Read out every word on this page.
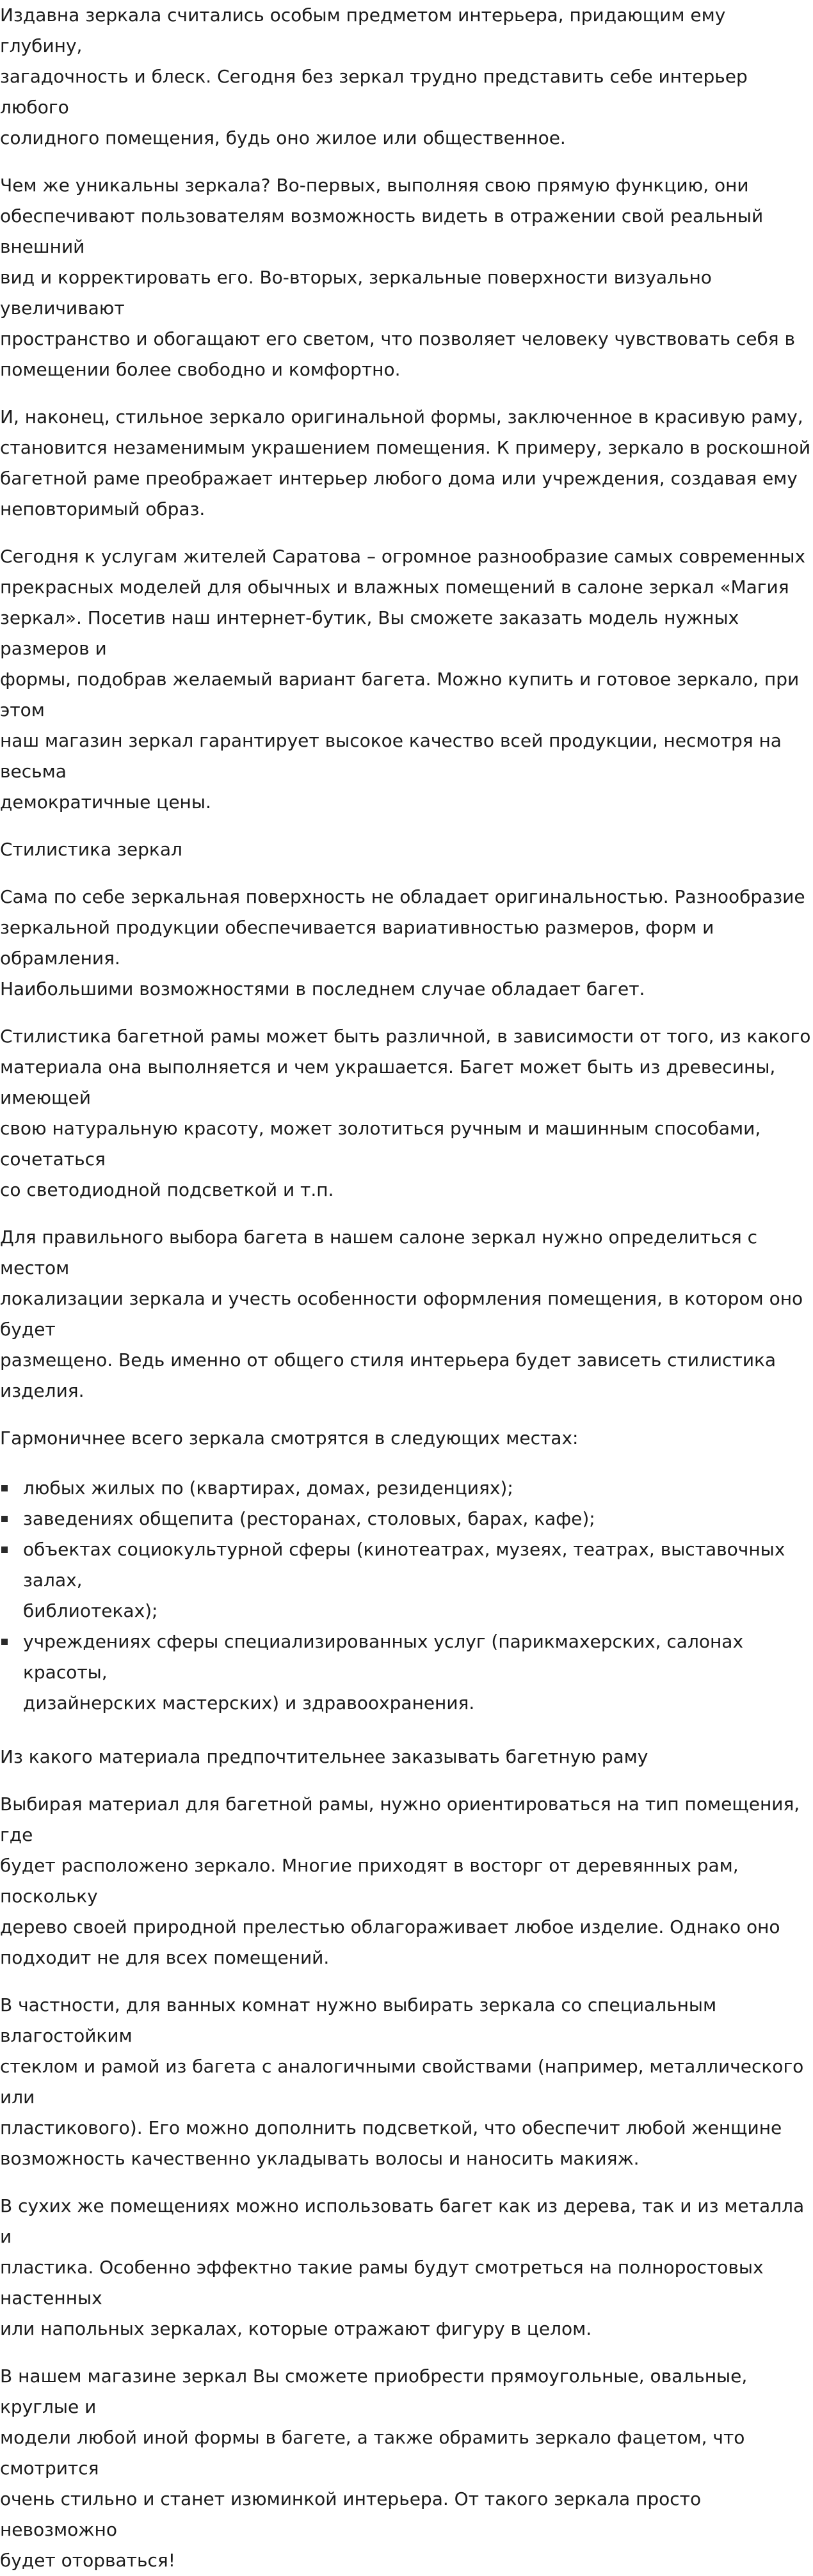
Издавна зеркала считались особым предметом интерьера, придающим ему глубину,
загадочность и блеск. Сегодня без зеркал трудно представить себе интерьер любого
солидного помещения, будь оно жилое или общественное.

Чем же уникальны зеркала? Во-первых, выполняя свою прямую функцию, они
обеспечивают пользователям возможность видеть в отражении свой реальный внешний
вид и корректировать его. Во-вторых, зеркальные поверхности визуально увеличивают
пространство и обогащают его светом, что позволяет человеку чувствовать себя в
помещении более свободно и комфортно.

И, наконец, стильное зеркало оригинальной формы, заключенное в красивую раму,
становится незаменимым украшением помещения. К примеру, зеркало в роскошной
багетной раме преображает интерьер любого дома или учреждения, создавая ему
неповторимый образ.

Сегодня к услугам жителей Саратова – огромное разнообразие самых современных
прекрасных моделей для обычных и влажных помещений в салоне зеркал «Магия
зеркал». Посетив наш интернет-бутик, Вы сможете заказать модель нужных размеров и
формы, подобрав желаемый вариант багета. Можно купить и готовое зеркало, при этом
наш магазин зеркал гарантирует высокое качество всей продукции, несмотря на весьма
демократичные цены.

Стилистика зеркал

Сама по себе зеркальная поверхность не обладает оригинальностью. Разнообразие
зеркальной продукции обеспечивается вариативностью размеров, форм и обрамления.
Наибольшими возможностями в последнем случае обладает багет.

Стилистика багетной рамы может быть различной, в зависимости от того, из какого
материала она выполняется и чем украшается. Багет может быть из древесины, имеющей
свою натуральную красоту, может золотиться ручным и машинным способами, сочетаться
со светодиодной подсветкой и т.п.

Для правильного выбора багета в нашем салоне зеркал нужно определиться с местом
локализации зеркала и учесть особенности оформления помещения, в котором оно будет
размещено. Ведь именно от общего стиля интерьера будет зависеть стилистика изделия.

Гармоничнее всего зеркала смотрятся в следующих местах:

любых жилых по (квартирах, домах, резиденциях);
заведениях общепита (ресторанах, столовых, барах, кафе);
объектах социокультурной сферы (кинотеатрах, музеях, театрах, выставочных залах,
библиотеках);
учреждениях сферы специализированных услуг (парикмахерских, салонах красоты,
дизайнерских мастерских) и здравоохранения.

Из какого материала предпочтительнее заказывать багетную раму

Выбирая материал для багетной рамы, нужно ориентироваться на тип помещения, где
будет расположено зеркало. Многие приходят в восторг от деревянных рам, поскольку
дерево своей природной прелестью облагораживает любое изделие. Однако оно
подходит не для всех помещений.

В частности, для ванных комнат нужно выбирать зеркала со специальным влагостойким
стеклом и рамой из багета с аналогичными свойствами (например, металлического или
пластикового). Его можно дополнить подсветкой, что обеспечит любой женщине
возможность качественно укладывать волосы и наносить макияж.

В сухих же помещениях можно использовать багет как из дерева, так и из металла и
пластика. Особенно эффектно такие рамы будут смотреться на полноростовых настенных
или напольных зеркалах, которые отражают фигуру в целом.

В нашем магазине зеркал Вы сможете приобрести прямоугольные, овальные, круглые и
модели любой иной формы в багете, а также обрамить зеркало фацетом, что смотрится
очень стильно и станет изюминкой интерьера. От такого зеркала просто невозможно
будет оторваться!
